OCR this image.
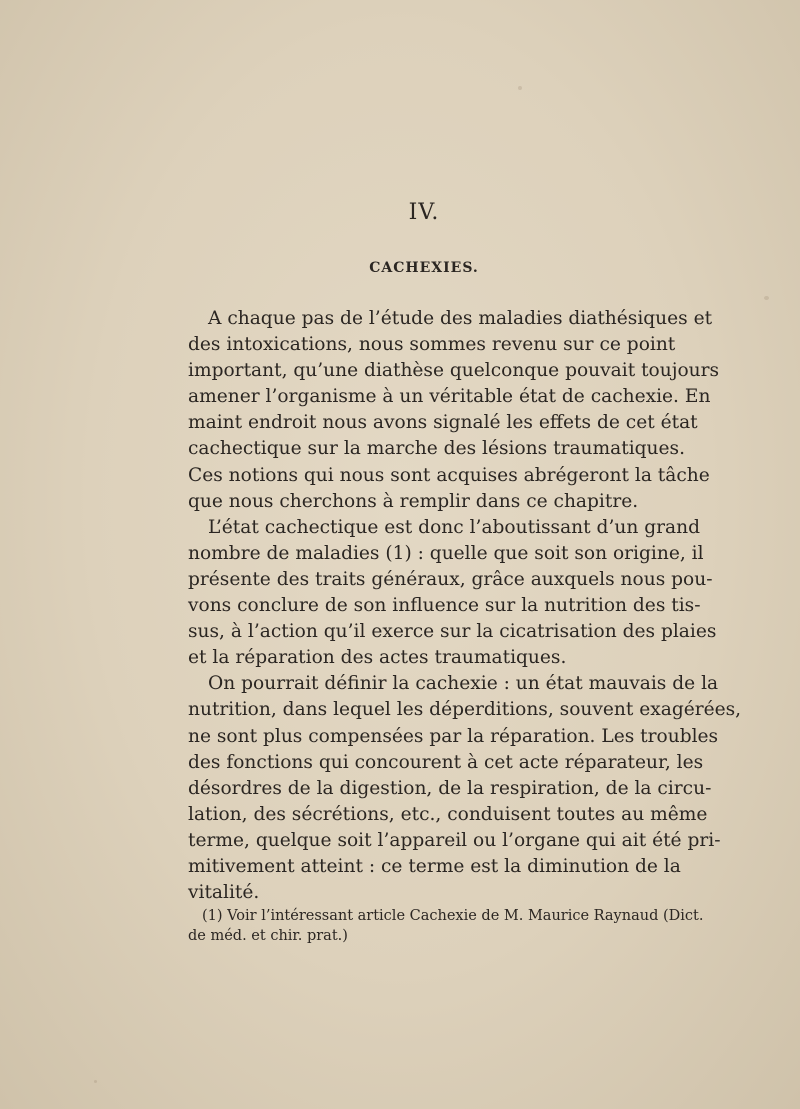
IV.
CACHEXIES.
A chaque pas de l’étude des maladies diathésiques et
des intoxications, nous sommes revenu sur ce point
important, qu’une diathèse quelconque pouvait toujours
amener l’organisme à un véritable état de cachexie. En
maint endroit nous avons signalé les effets de cet état
cachectique sur la marche des lésions traumatiques.
Ces notions qui nous sont acquises abrégeront la tâche
que nous cherchons à remplir dans ce chapitre.
L’état cachectique est donc l’aboutissant d’un grand
nombre de maladies (1) : quelle que soit son origine, il
présente des traits généraux, grâce auxquels nous pou-
vons conclure de son influence sur la nutrition des tis-
sus, à l’action qu’il exerce sur la cicatrisation des plaies
et la réparation des actes traumatiques.
On pourrait définir la cachexie : un état mauvais de la
nutrition, dans lequel les déperditions, souvent exagérées,
ne sont plus compensées par la réparation. Les troubles
des fonctions qui concourent à cet acte réparateur, les
désordres de la digestion, de la respiration, de la circu-
lation, des sécrétions, etc., conduisent toutes au même
terme, quelque soit l’appareil ou l’organe qui ait été pri-
mitivement atteint : ce terme est la diminution de la
vitalité.
(1) Voir l’intéressant article Cachexie de M. Maurice Raynaud (Dict.
de méd. et chir. prat.)
